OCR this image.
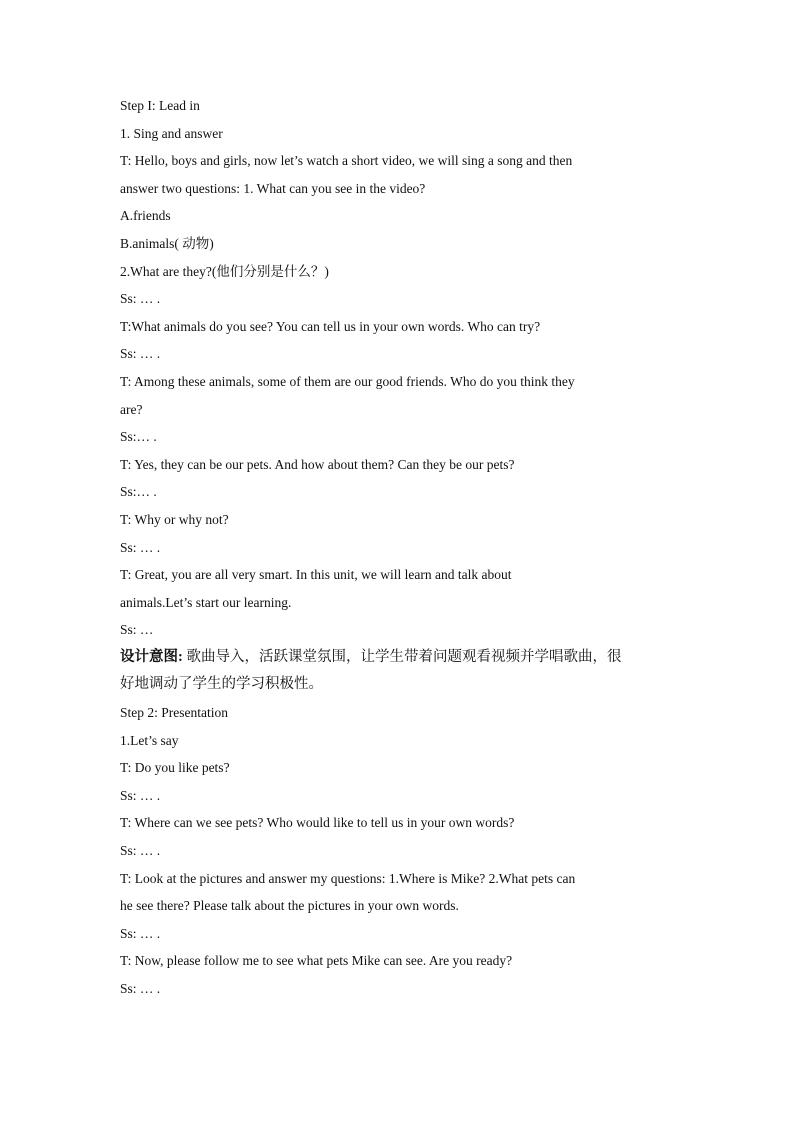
Step I: Lead in
1. Sing and answer
T: Hello, boys and girls, now let’s watch a short video, we will sing a song and then
answer two questions: 1. What can you see in the video?
A.friends
B.animals( 动物)
2.What are they?(他们分别是什么？)
Ss: … .
T:What animals do you see? You can tell us in your own words. Who can try?
Ss: … .
T: Among these animals, some of them are our good friends. Who do you think they
are?
Ss:… .
T: Yes, they can be our pets. And how about them? Can they be our pets?
Ss:… .
T: Why or why not?
Ss: … .
T: Great, you are all very smart. In this unit, we will learn and talk about
animals.Let’s start our learning.
Ss: …
设计意图: 歌曲导入，活跃课堂氛围，让学生带着问题观看视频并学唱歌曲，很
好地调动了学生的学习积极性。
Step 2: Presentation
1.Let’s say
T: Do you like pets?
Ss: … .
T: Where can we see pets? Who would like to tell us in your own words?
Ss: … .
T: Look at the pictures and answer my questions: 1.Where is Mike? 2.What pets can
he see there? Please talk about the pictures in your own words.
Ss: … .
T: Now, please follow me to see what pets Mike can see. Are you ready?
Ss: … .
